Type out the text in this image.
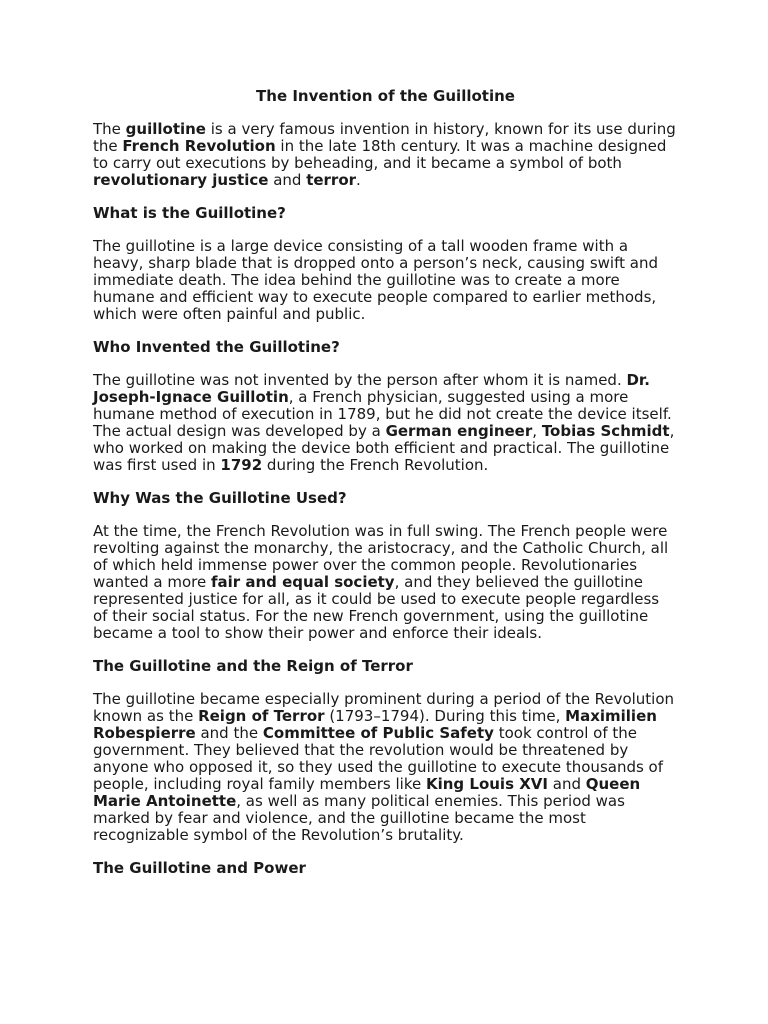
The Invention of the Guillotine

The guillotine is a very famous invention in history, known for its use during the French Revolution in the late 18th century. It was a machine designed to carry out executions by beheading, and it became a symbol of both revolutionary justice and terror.

What is the Guillotine?

The guillotine is a large device consisting of a tall wooden frame with a heavy, sharp blade that is dropped onto a person’s neck, causing swift and immediate death. The idea behind the guillotine was to create a more humane and efficient way to execute people compared to earlier methods, which were often painful and public.

Who Invented the Guillotine?

The guillotine was not invented by the person after whom it is named. Dr. Joseph-Ignace Guillotin, a French physician, suggested using a more humane method of execution in 1789, but he did not create the device itself. The actual design was developed by a German engineer, Tobias Schmidt, who worked on making the device both efficient and practical. The guillotine was first used in 1792 during the French Revolution.

Why Was the Guillotine Used?

At the time, the French Revolution was in full swing. The French people were revolting against the monarchy, the aristocracy, and the Catholic Church, all of which held immense power over the common people. Revolutionaries wanted a more fair and equal society, and they believed the guillotine represented justice for all, as it could be used to execute people regardless of their social status. For the new French government, using the guillotine became a tool to show their power and enforce their ideals.

The Guillotine and the Reign of Terror

The guillotine became especially prominent during a period of the Revolution known as the Reign of Terror (1793–1794). During this time, Maximilien Robespierre and the Committee of Public Safety took control of the government. They believed that the revolution would be threatened by anyone who opposed it, so they used the guillotine to execute thousands of people, including royal family members like King Louis XVI and Queen Marie Antoinette, as well as many political enemies. This period was marked by fear and violence, and the guillotine became the most recognizable symbol of the Revolution’s brutality.

The Guillotine and Power
